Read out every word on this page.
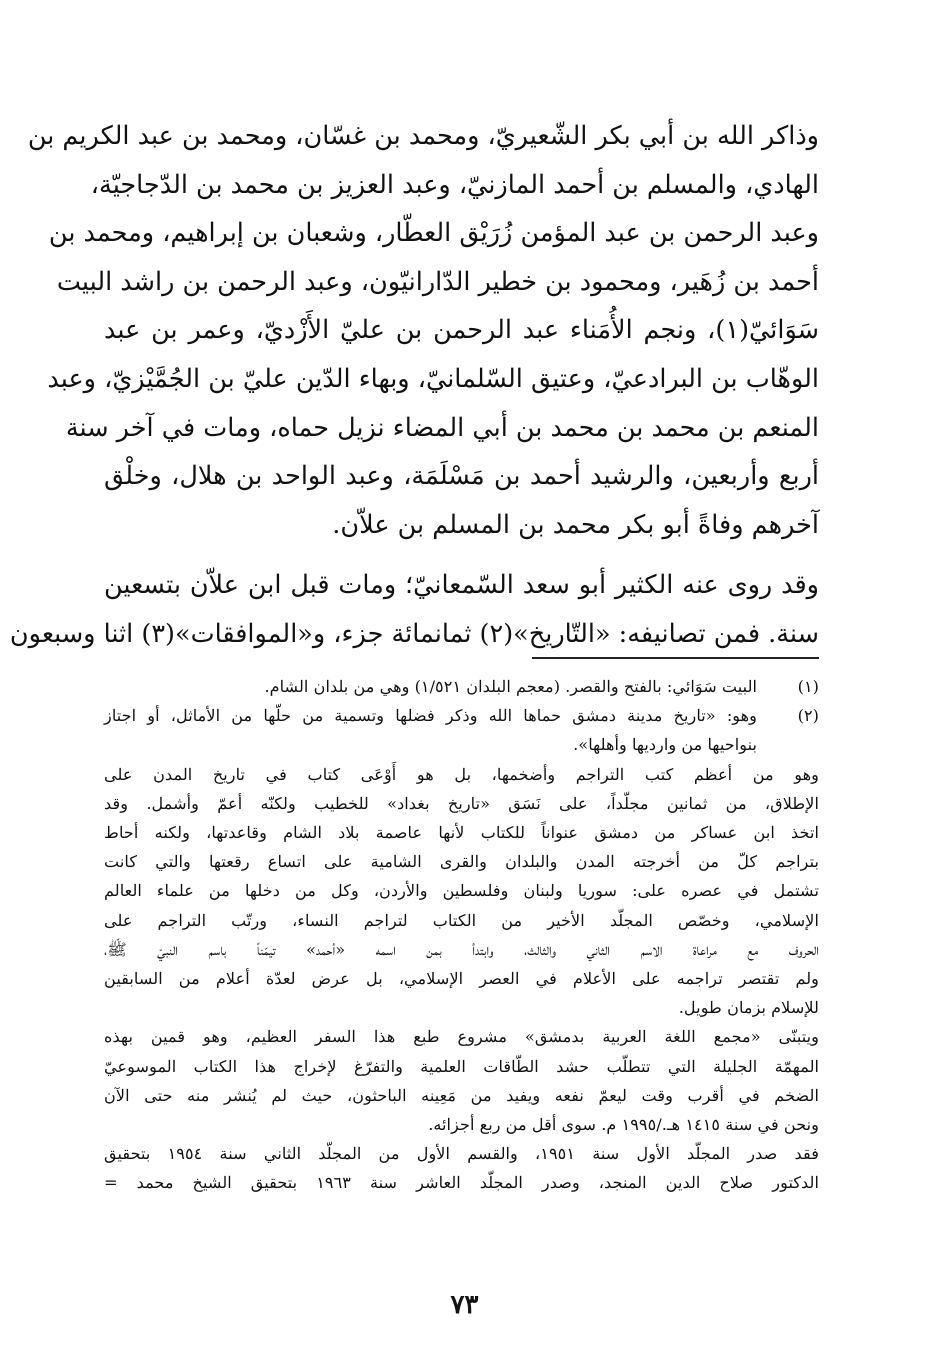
وذاكر الله بن أبي بكر الشّعيريّ، ومحمد بن غسّان، ومحمد بن عبد الكريم بن
الهادي، والمسلم بن أحمد المازنيّ، وعبد العزيز بن محمد بن الدّجاجيّة،
وعبد الرحمن بن عبد المؤمن زُرَيْق العطّار، وشعبان بن إبراهيم، ومحمد بن
أحمد بن زُهَير، ومحمود بن خطير الدّارانيّون، وعبد الرحمن بن راشد البيت
سَوَائيّ(١)، ونجم الأُمَناء عبد الرحمن بن عليّ الأَزْديّ، وعمر بن عبد
الوهّاب بن البرادعيّ، وعتيق السّلمانيّ، وبهاء الدّين عليّ بن الجُمَّيْزيّ، وعبد
المنعم بن محمد بن محمد بن أبي المضاء نزيل حماه، ومات في آخر سنة
أربع وأربعين، والرشيد أحمد بن مَسْلَمَة، وعبد الواحد بن هلال، وخلْق
آخرهم وفاةً أبو بكر محمد بن المسلم بن علاّن.
وقد روى عنه الكثير أبو سعد السّمعانيّ؛ ومات قبل ابن علاّن بتسعين
سنة. فمن تصانيفه: «التّاريخ»(٢) ثمانمائة جزء، و«الموافقات»(٣) اثنا وسبعون
(١)
البيت سَوَائي: بالفتح والقصر. (معجم البلدان ١/٥٢١) وهي من بلدان الشام.
(٢)
وهو: «تاريخ مدينة دمشق حماها الله وذكر فضلها وتسمية من حلّها من الأماثل، أو اجتاز
بنواحيها من وارديها وأهلها».
وهو من أعظم كتب التراجم وأضخمها، بل هو أَوْعَى كتاب في تاريخ المدن على
الإطلاق، من ثمانين مجلّداً، على نَسَق «تاريخ بغداد» للخطيب ولكنّه أعمّ وأشمل. وقد
اتخذ ابن عساكر من دمشق عنواناً للكتاب لأنها عاصمة بلاد الشام وقاعدتها، ولكنه أحاط
بتراجم كلّ من أخرجته المدن والبلدان والقرى الشامية على اتساع رقعتها والتي كانت
تشتمل في عصره على: سوريا ولبنان وفلسطين والأردن، وكل من دخلها من علماء العالم
الإسلامي، وخصّص المجلّد الأخير من الكتاب لتراجم النساء، ورتّب التراجم على
الحروف مع مراعاة الاسم الثاني والثالث، وابتدأ بمن اسمه «أحمد» تيمّناً باسم النبيّ ﷺ،
ولم تقتصر تراجمه على الأعلام في العصر الإسلامي، بل عرض لعدّة أعلام من السابقين
للإسلام بزمان طويل.
ويتبنّى «مجمع اللغة العربية بدمشق» مشروع طبع هذا السفر العظيم، وهو قمين بهذه
المهمّة الجليلة التي تتطلّب حشد الطّاقات العلمية والتفرّغ لإخراج هذا الكتاب الموسوعيّ
الضخم في أقرب وقت ليعمّ نفعه ويفيد من مَعِينه الباحثون، حيث لم يُنشر منه حتى الآن
ونحن في سنة ١٤١٥ هـ./١٩٩٥ م. سوى أقل من ربع أجزائه.
فقد صدر المجلّد الأول سنة ١٩٥١، والقسم الأول من المجلّد الثاني سنة ١٩٥٤ بتحقيق
الدكتور صلاح الدين المنجد، وصدر المجلّد العاشر سنة ١٩٦٣ بتحقيق الشيخ محمد =
٧٣
